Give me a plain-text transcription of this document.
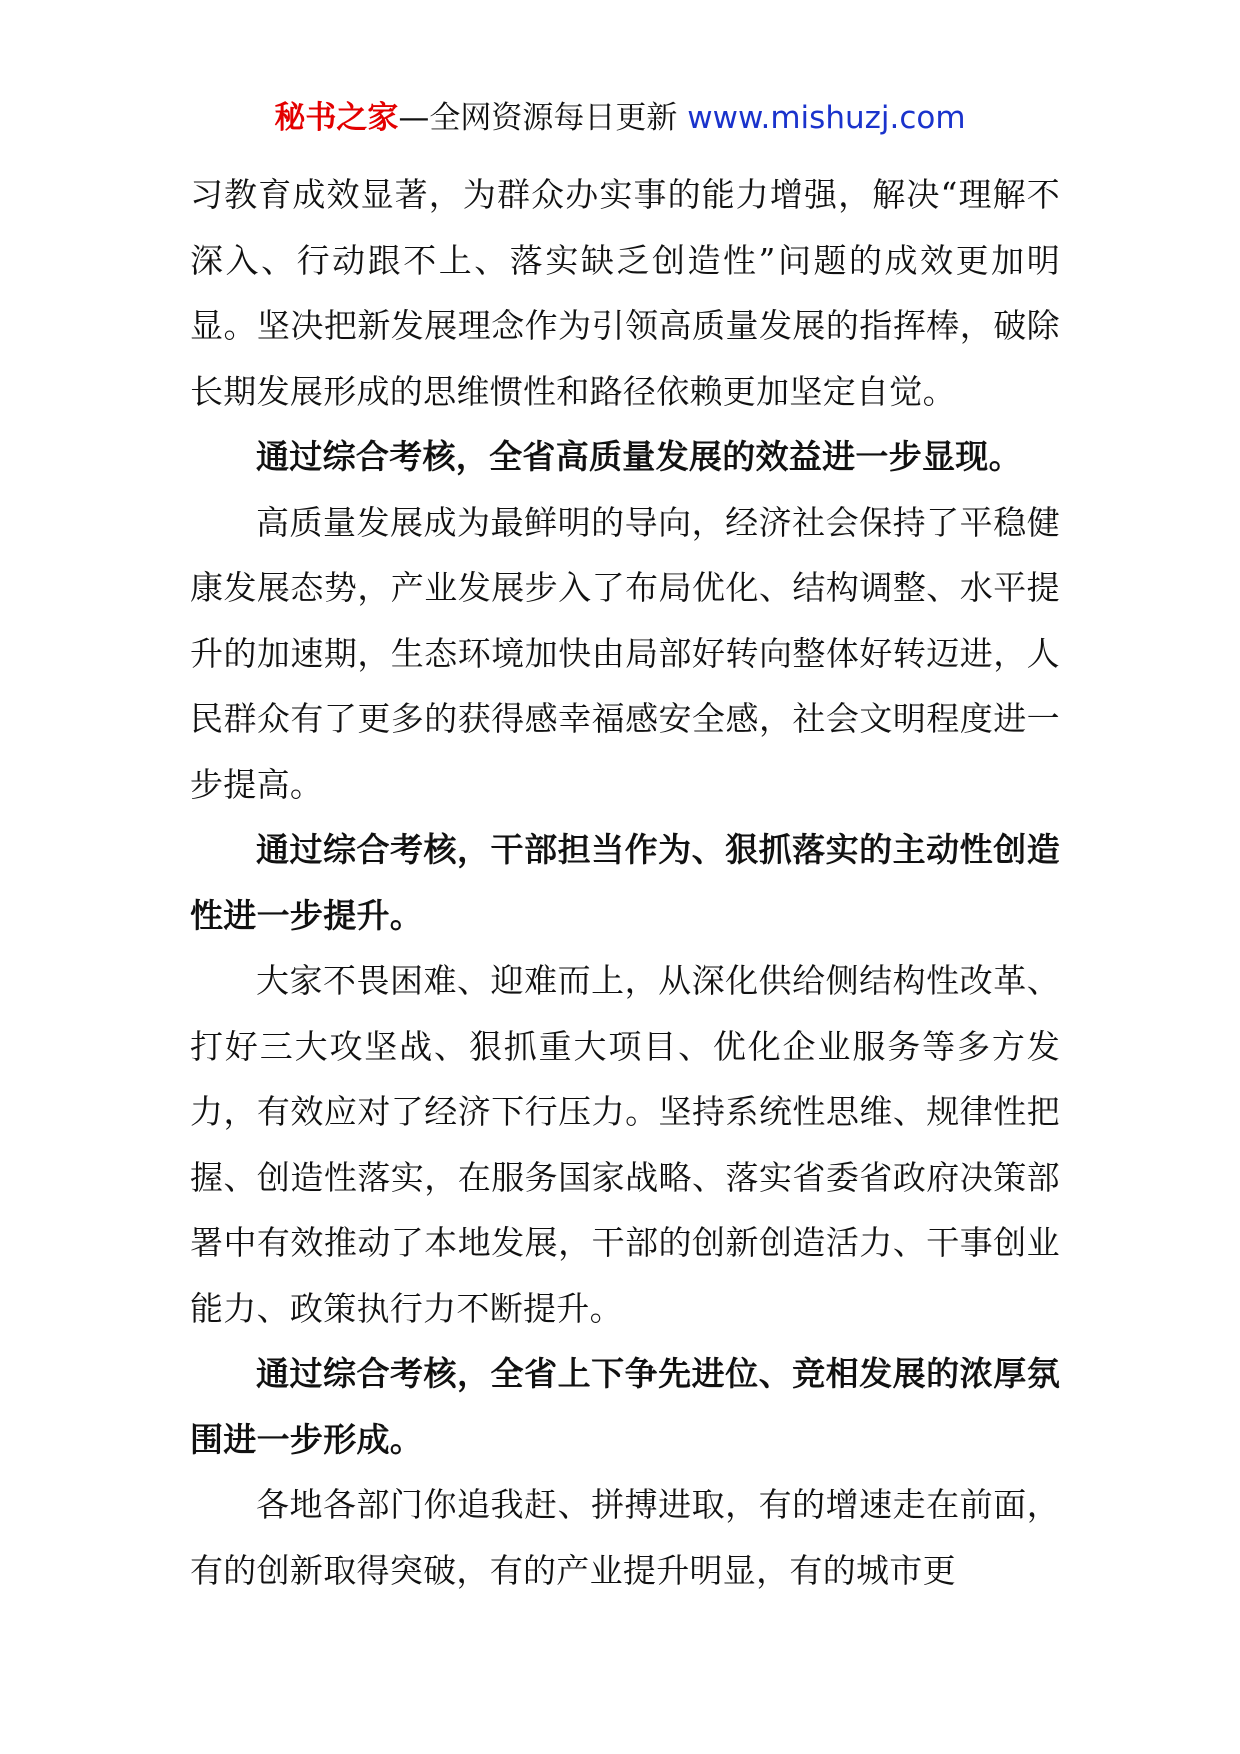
秘书之家—全网资源每日更新 www.mishuzj.com

习教育成效显著，为群众办实事的能力增强，解决“理解不深入、行动跟不上、落实缺乏创造性”问题的成效更加明显。坚决把新发展理念作为引领高质量发展的指挥棒，破除长期发展形成的思维惯性和路径依赖更加坚定自觉。

通过综合考核，全省高质量发展的效益进一步显现。

高质量发展成为最鲜明的导向，经济社会保持了平稳健康发展态势，产业发展步入了布局优化、结构调整、水平提升的加速期，生态环境加快由局部好转向整体好转迈进，人民群众有了更多的获得感幸福感安全感，社会文明程度进一步提高。

通过综合考核，干部担当作为、狠抓落实的主动性创造性进一步提升。

大家不畏困难、迎难而上，从深化供给侧结构性改革、打好三大攻坚战、狠抓重大项目、优化企业服务等多方发力，有效应对了经济下行压力。坚持系统性思维、规律性把握、创造性落实，在服务国家战略、落实省委省政府决策部署中有效推动了本地发展，干部的创新创造活力、干事创业能力、政策执行力不断提升。

通过综合考核，全省上下争先进位、竞相发展的浓厚氛围进一步形成。

各地各部门你追我赶、拼搏进取，有的增速走在前面，有的创新取得突破，有的产业提升明显，有的城市更
